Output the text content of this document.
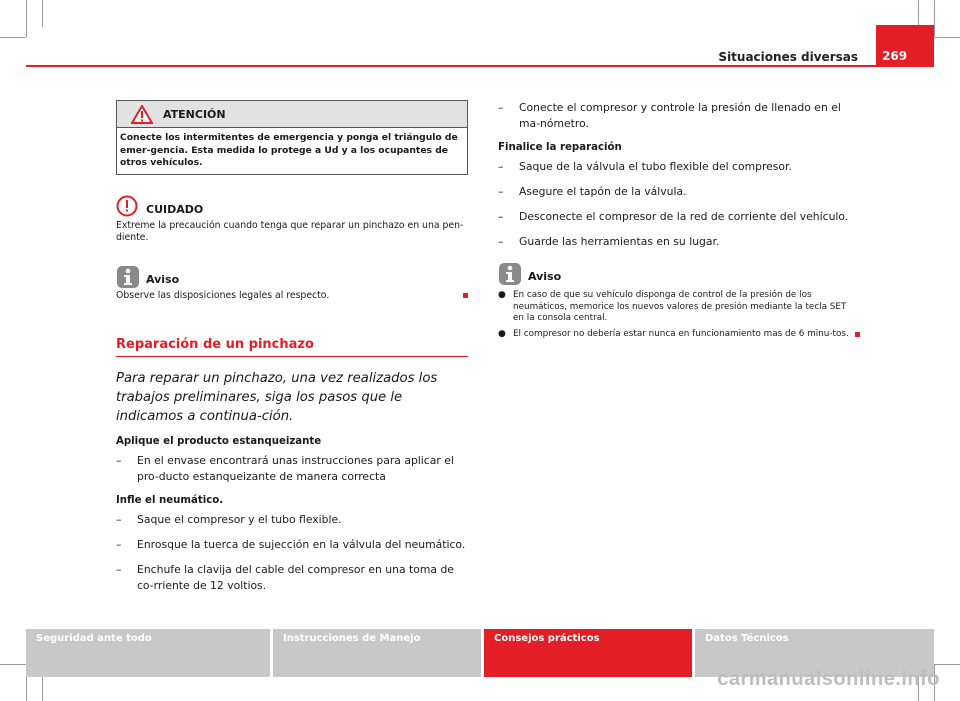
Situaciones diversas	269
ATENCIÓN
Conecte los intermitentes de emergencia y ponga el triángulo de emer-gencia. Esta medida lo protege a Ud y a los ocupantes de otros vehículos.
CUIDADO
Extreme la precaución cuando tenga que reparar un pinchazo en una pen-diente.
Aviso
Observe las disposiciones legales al respecto.
Reparación de un pinchazo
Para reparar un pinchazo, una vez realizados los trabajos preliminares, siga los pasos que le indicamos a continua-ción.
Aplique el producto estanqueizante
– En el envase encontrará unas instrucciones para aplicar el pro-ducto estanqueizante de manera correcta
Infle el neumático.
– Saque el compresor y el tubo flexible.
– Enrosque la tuerca de sujección en la válvula del neumático.
– Enchufe la clavija del cable del compresor en una toma de co-rriente de 12 voltios.
– Conecte el compresor y controle la presión de llenado en el ma-nómetro.
Finalice la reparación
– Saque de la válvula el tubo flexible del compresor.
– Asegure el tapón de la válvula.
– Desconecte el compresor de la red de corriente del vehículo.
– Guarde las herramientas en su lugar.
Aviso
● En caso de que su vehículo disponga de control de la presión de los neumáticos, memorice los nuevos valores de presión mediante la tecla SET en la consola central.
● El compresor no debería estar nunca en funcionamiento mas de 6 minu-tos.
Seguridad ante todo	Instrucciones de Manejo	Consejos prácticos	Datos Técnicos
carmanualsonline.info
